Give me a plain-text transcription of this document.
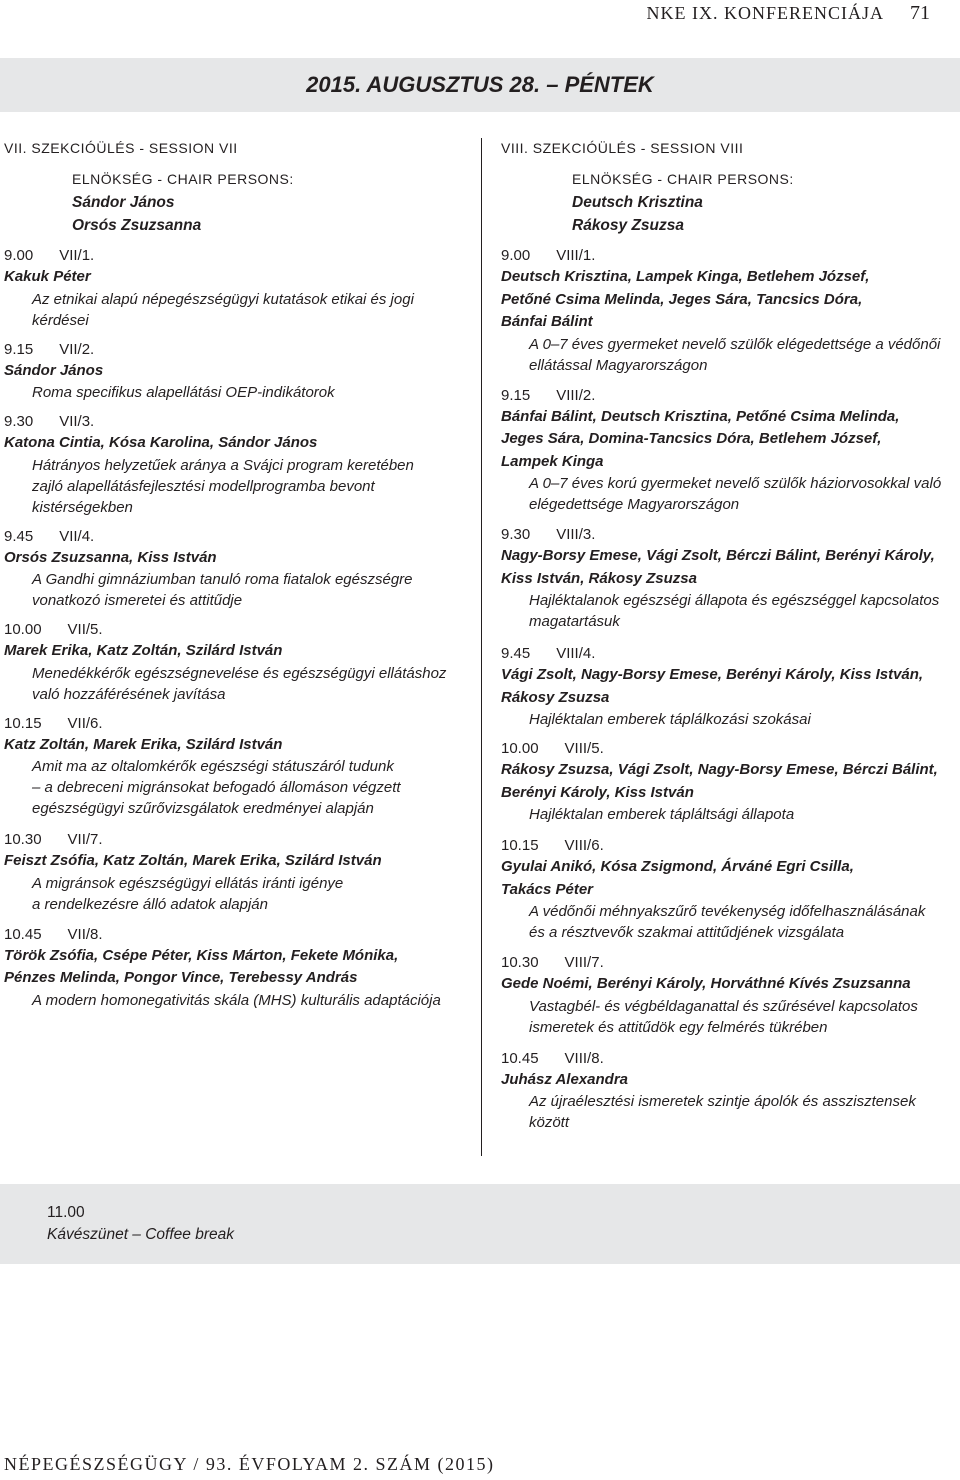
NKE IX. KONFERENCIÁJA 71
2015. AUGUSZTUS 28. – PÉNTEK
VII. SZEKCIÓÜLÉS - SESSION VII
ELNÖKSÉG - CHAIR PERSONS:
Sándor János
Orsós Zsuzsanna
9.00 VII/1.
Kakuk Péter
Az etnikai alapú népegészségügyi kutatások etikai és jogi
kérdései
9.15 VII/2.
Sándor János
Roma specifikus alapellátási OEP-indikátorok
9.30 VII/3.
Katona Cintia, Kósa Karolina, Sándor János
Hátrányos helyzetűek aránya a Svájci program keretében
zajló alapellátásfejlesztési modellprogramba bevont
kistérségekben
9.45 VII/4.
Orsós Zsuzsanna, Kiss István
A Gandhi gimnáziumban tanuló roma fiatalok egészségre
vonatkozó ismeretei és attitűdje
10.00 VII/5.
Marek Erika, Katz Zoltán, Szilárd István
Menedékkérők egészségnevelése és egészségügyi ellátáshoz
való hozzáférésének javítása
10.15 VII/6.
Katz Zoltán, Marek Erika, Szilárd István
Amit ma az oltalomkérők egészségi státuszáról tudunk
– a debreceni migránsokat befogadó állomáson végzett
egészségügyi szűrővizsgálatok eredményei alapján
10.30 VII/7.
Feiszt Zsófia, Katz Zoltán, Marek Erika, Szilárd István
A migránsok egészségügyi ellátás iránti igénye
a rendelkezésre álló adatok alapján
10.45 VII/8.
Török Zsófia, Csépe Péter, Kiss Márton, Fekete Mónika,
Pénzes Melinda, Pongor Vince, Terebessy András
A modern homonegativitás skála (MHS) kulturális adaptációja
VIII. SZEKCIÓÜLÉS - SESSION VIII
ELNÖKSÉG - CHAIR PERSONS:
Deutsch Krisztina
Rákosy Zsuzsa
9.00 VIII/1.
Deutsch Krisztina, Lampek Kinga, Betlehem József,
Petőné Csima Melinda, Jeges Sára, Tancsics Dóra,
Bánfai Bálint
A 0–7 éves gyermeket nevelő szülők elégedettsége a védőnői
ellátással Magyarországon
9.15 VIII/2.
Bánfai Bálint, Deutsch Krisztina, Petőné Csima Melinda,
Jeges Sára, Domina-Tancsics Dóra, Betlehem József,
Lampek Kinga
A 0–7 éves korú gyermeket nevelő szülők háziorvosokkal való
elégedettsége Magyarországon
9.30 VIII/3.
Nagy-Borsy Emese, Vági Zsolt, Bérczi Bálint, Berényi Károly,
Kiss István, Rákosy Zsuzsa
Hajléktalanok egészségi állapota és egészséggel kapcsolatos
magatartásuk
9.45 VIII/4.
Vági Zsolt, Nagy-Borsy Emese, Berényi Károly, Kiss István,
Rákosy Zsuzsa
Hajléktalan emberek táplálkozási szokásai
10.00 VIII/5.
Rákosy Zsuzsa, Vági Zsolt, Nagy-Borsy Emese, Bérczi Bálint,
Berényi Károly, Kiss István
Hajléktalan emberek tápláltsági állapota
10.15 VIII/6.
Gyulai Anikó, Kósa Zsigmond, Árváné Egri Csilla,
Takács Péter
A védőnői méhnyakszűrő tevékenység időfelhasználásának
és a résztvevők szakmai attitűdjének vizsgálata
10.30 VIII/7.
Gede Noémi, Berényi Károly, Horváthné Kívés Zsuzsanna
Vastagbél- és végbéldaganattal és szűrésével kapcsolatos
ismeretek és attitűdök egy felmérés tükrében
10.45 VIII/8.
Juhász Alexandra
Az újraélesztési ismeretek szintje ápolók és asszisztensek
között
11.00
Kávészünet – Coffee break
NÉPEGÉSZSÉGÜGY / 93. ÉVFOLYAM 2. SZÁM (2015)
